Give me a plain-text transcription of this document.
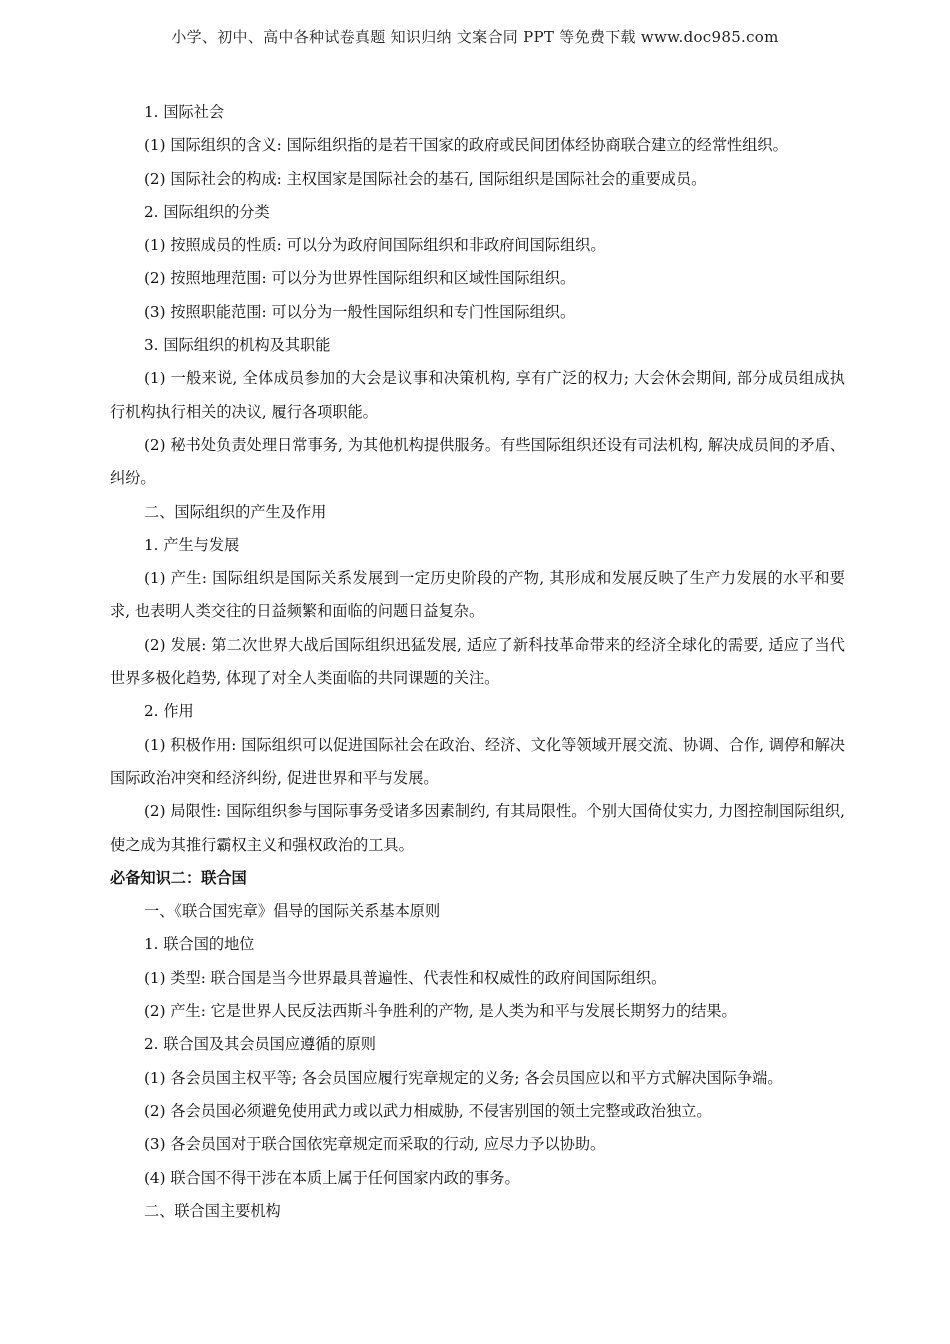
小学、初中、高中各种试卷真题 知识归纳 文案合同 PPT 等免费下载 www.doc985.com

1. 国际社会

(1) 国际组织的含义: 国际组织指的是若干国家的政府或民间团体经协商联合建立的经常性组织。

(2) 国际社会的构成: 主权国家是国际社会的基石, 国际组织是国际社会的重要成员。

2. 国际组织的分类

(1) 按照成员的性质: 可以分为政府间国际组织和非政府间国际组织。

(2) 按照地理范围: 可以分为世界性国际组织和区域性国际组织。

(3) 按照职能范围: 可以分为一般性国际组织和专门性国际组织。

3. 国际组织的机构及其职能

(1) 一般来说, 全体成员参加的大会是议事和决策机构, 享有广泛的权力; 大会休会期间, 部分成员组成执行机构执行相关的决议, 履行各项职能。

(2) 秘书处负责处理日常事务, 为其他机构提供服务。有些国际组织还设有司法机构, 解决成员间的矛盾、纠纷。

二、国际组织的产生及作用

1. 产生与发展

(1) 产生: 国际组织是国际关系发展到一定历史阶段的产物, 其形成和发展反映了生产力发展的水平和要求, 也表明人类交往的日益频繁和面临的问题日益复杂。

(2) 发展: 第二次世界大战后国际组织迅猛发展, 适应了新科技革命带来的经济全球化的需要, 适应了当代世界多极化趋势, 体现了对全人类面临的共同课题的关注。

2. 作用

(1) 积极作用: 国际组织可以促进国际社会在政治、经济、文化等领域开展交流、协调、合作, 调停和解决国际政治冲突和经济纠纷, 促进世界和平与发展。

(2) 局限性: 国际组织参与国际事务受诸多因素制约, 有其局限性。个别大国倚仗实力, 力图控制国际组织, 使之成为其推行霸权主义和强权政治的工具。

必备知识二：联合国

一、《联合国宪章》倡导的国际关系基本原则

1. 联合国的地位

(1) 类型: 联合国是当今世界最具普遍性、代表性和权威性的政府间国际组织。

(2) 产生: 它是世界人民反法西斯斗争胜利的产物, 是人类为和平与发展长期努力的结果。

2. 联合国及其会员国应遵循的原则

(1) 各会员国主权平等; 各会员国应履行宪章规定的义务; 各会员国应以和平方式解决国际争端。

(2) 各会员国必须避免使用武力或以武力相威胁, 不侵害别国的领土完整或政治独立。

(3) 各会员国对于联合国依宪章规定而采取的行动, 应尽力予以协助。

(4) 联合国不得干涉在本质上属于任何国家内政的事务。

二、联合国主要机构
